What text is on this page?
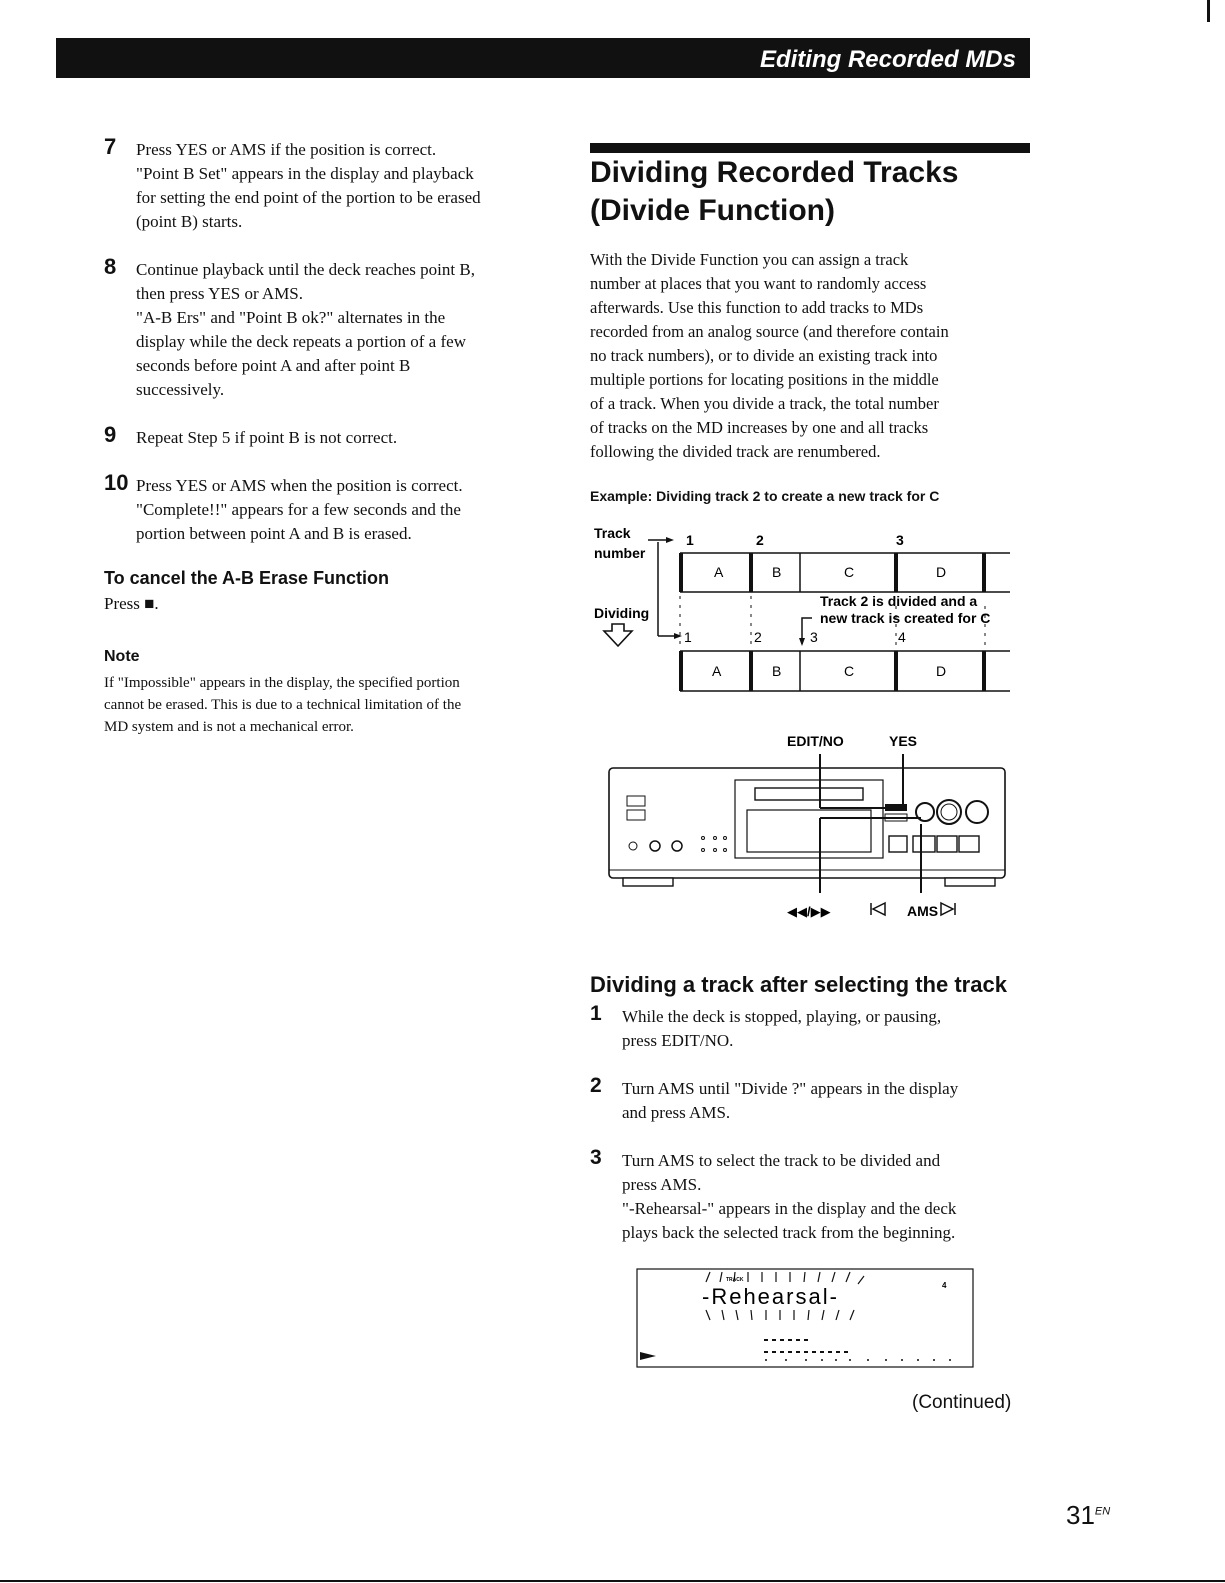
Editing Recorded MDs
7 Press YES or AMS if the position is correct.

"Point B Set" appears in the display and playback

for setting the end point of the portion to be erased

(point B) starts.

8 Continue playback until the deck reaches point B,

then press YES or AMS.

"A-B Ers" and "Point B ok?" alternates in the

display while the deck repeats a portion of a few

seconds before point A and after point B

successively.

9 Repeat Step 5 if point B is not correct.

10 Press YES or AMS when the position is correct.

"Complete!!" appears for a few seconds and the

portion between point A and B is erased.

To cancel the A-B Erase Function
Press ■.
Note
If "Impossible" appears in the display, the specified portion
cannot be erased. This is due to a technical limitation of the
MD system and is not a mechanical error.
Dividing Recorded Tracks
(Divide Function)
With the Divide Function you can assign a track
number at places that you want to randomly access
afterwards. Use this function to add tracks to MDs
recorded from an analog source (and therefore contain
no track numbers), or to divide an existing track into
multiple portions for locating positions in the middle
of a track. When you divide a track, the total number
of tracks on the MD increases by one and all tracks
following the divided track are renumbered.
Example: Dividing track 2 to create a new track for C
Track
number
Dividing
1	2	3
A	B	C	D
Track 2 is divided and a
new track is created for C
1	2	3	4
A	B	C	D
EDIT/NO	YES
◀◀/▶▶	AMS
Dividing a track after selecting the track
1 While the deck is stopped, playing, or pausing,

press EDIT/NO.

2 Turn AMS until "Divide ?" appears in the display

and press AMS.

3 Turn AMS to select the track to be divided and

press AMS.

"-Rehearsal-" appears in the display and the deck

plays back the selected track from the beginning.

TRACK
-Rehearsal-	4
(Continued)
$31^{EN}$
